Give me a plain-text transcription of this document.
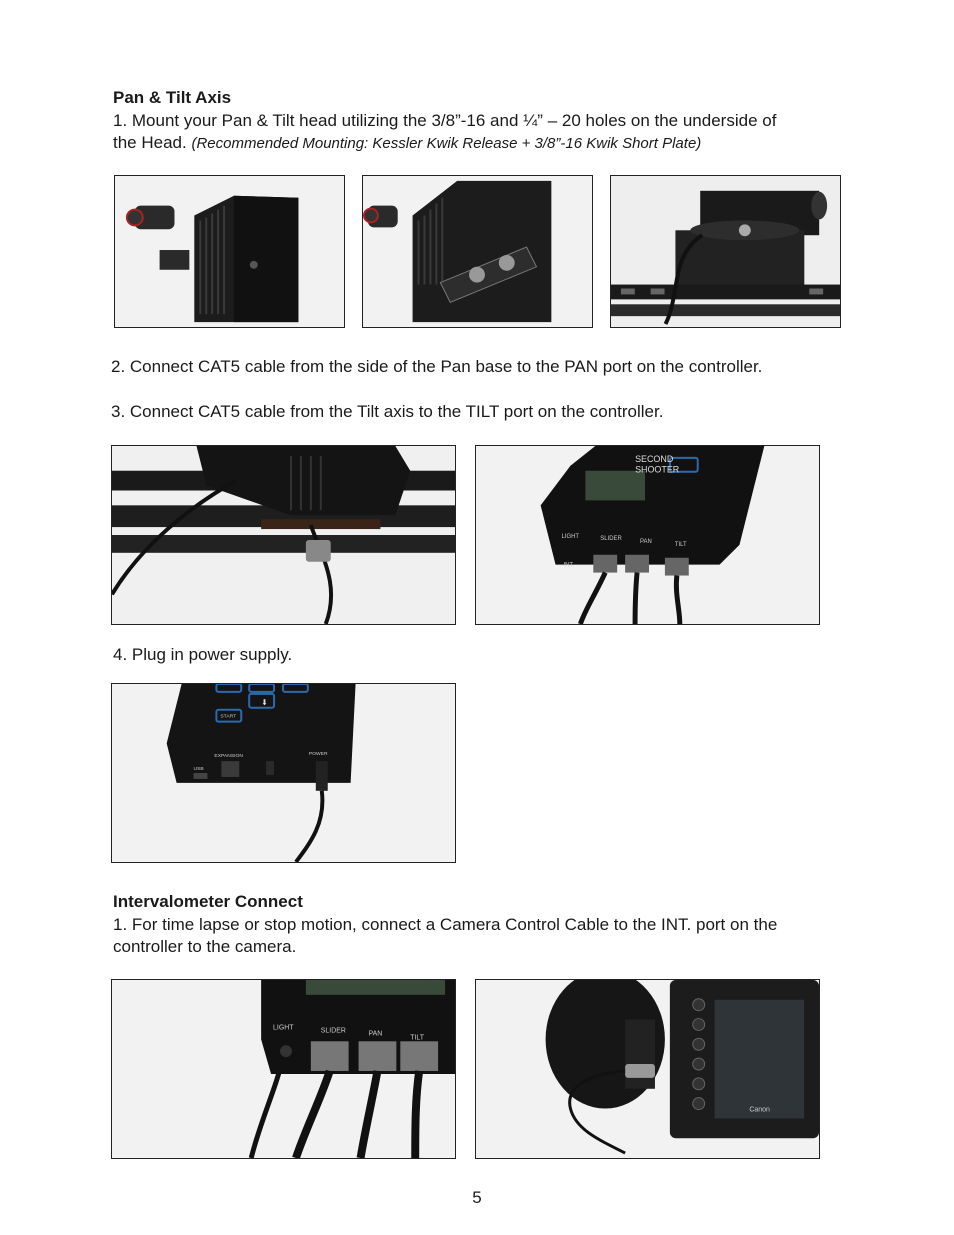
Pan & Tilt Axis
1. Mount your Pan & Tilt head utilizing the 3/8”-16 and ¼” – 20 holes on the underside of
the Head. (Recommended Mounting: Kessler Kwik Release + 3/8”-16 Kwik Short Plate)
2. Connect CAT5 cable from the side of the Pan base to the PAN port on the controller.
3. Connect CAT5 cable from the Tilt axis to the TILT port on the controller.
SECOND
SHOOTER
LIGHT	SLIDER	PAN	TILT
INT.
4. Plug in power supply.
⬇
START
USB
EXPANSION	POWER
Intervalometer Connect
1. For time lapse or stop motion, connect a Camera Control Cable to the INT. port on the
controller to the camera.
LIGHT	SLIDER	PAN
TILT
Canon
5
